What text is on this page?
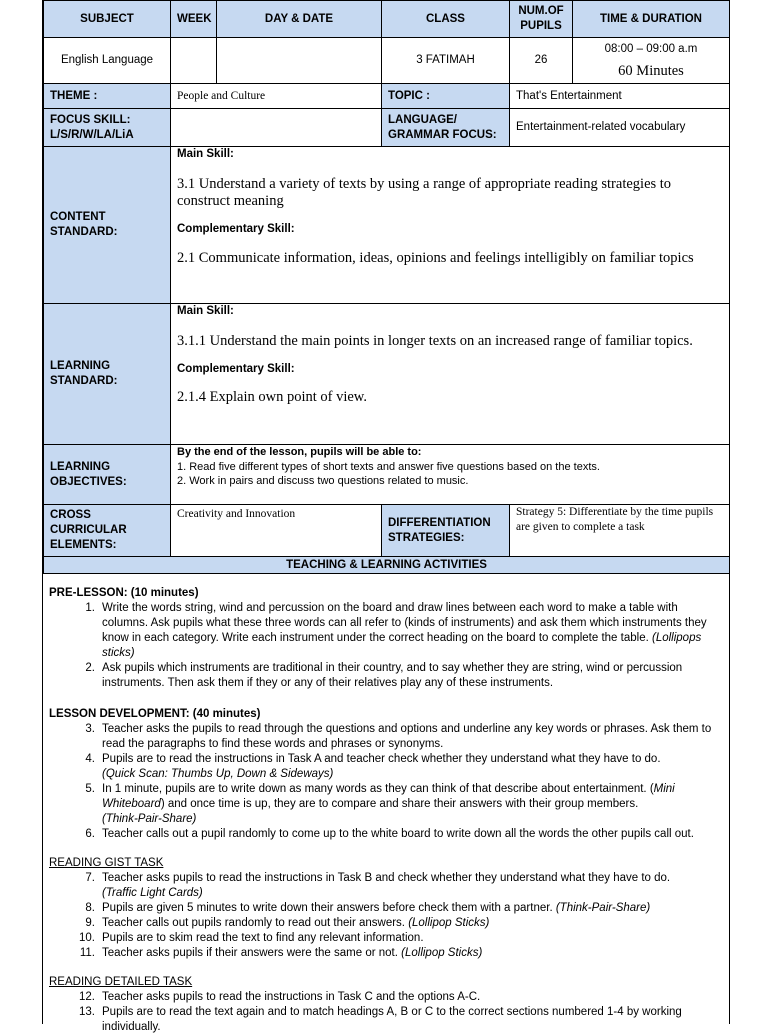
SUBJECT	WEEK	DAY & DATE	CLASS	NUM.OF PUPILS	TIME & DURATION
English Language			3 FATIMAH	26	08:00 – 09:00 a.m
60 Minutes

THEME :	People and Culture		TOPIC :	That's Entertainment	
FOCUS SKILL: L/S/R/W/LA/LiA			LANGUAGE/ GRAMMAR FOCUS:	Entertainment-related vocabulary	
CONTENT STANDARD:	Main Skill:
3.1 Understand a variety of texts by using a range of appropriate reading strategies to construct meaning
Complementary Skill:
2.1 Communicate information, ideas, opinions and feelings intelligibly on familiar topics				

LEARNING STANDARD:	Main Skill:
3.1.1 Understand the main points in longer texts on an increased range of familiar topics.
Complementary Skill:
2.1.4 Explain own point of view.				

LEARNING OBJECTIVES:	By the end of the lesson, pupils will be able to:
1. Read five different types of short texts and answer five questions based on the texts.
2. Work in pairs and discuss two questions related to music.				

CROSS CURRICULAR ELEMENTS:	Creativity and Innovation		DIFFERENTIATION STRATEGIES:	Strategy 5: Differentiate by the time pupils are given to complete a task	
TEACHING & LEARNING ACTIVITIES					
PRE-LESSON: (10 minutes)
1. Write the words string, wind and percussion on the board and draw lines between each word to make a table with columns. Ask pupils what these three words can all refer to (kinds of instruments) and ask them which instruments they know in each category. Write each instrument under the correct heading on the board to complete the table. (Lollipops sticks)
2. Ask pupils which instruments are traditional in their country, and to say whether they are string, wind or percussion instruments. Then ask them if they or any of their relatives play any of these instruments.
LESSON DEVELOPMENT: (40 minutes)
3. Teacher asks the pupils to read through the questions and options and underline any key words or phrases. Ask them to read the paragraphs to find these words and phrases or synonyms.
4. Pupils are to read the instructions in Task A and teacher check whether they understand what they have to do.
(Quick Scan: Thumbs Up, Down & Sideways)
5. In 1 minute, pupils are to write down as many words as they can think of that describe about entertainment. (Mini Whiteboard) and once time is up, they are to compare and share their answers with their group members.
(Think-Pair-Share)
6. Teacher calls out a pupil randomly to come up to the white board to write down all the words the other pupils call out.
READING GIST TASK
7. Teacher asks pupils to read the instructions in Task B and check whether they understand what they have to do.
(Traffic Light Cards)
8. Pupils are given 5 minutes to write down their answers before check them with a partner. (Think-Pair-Share)
9. Teacher calls out pupils randomly to read out their answers. (Lollipop Sticks)
10. Pupils are to skim read the text to find any relevant information.
11. Teacher asks pupils if their answers were the same or not. (Lollipop Sticks)
READING DETAILED TASK
12. Teacher asks pupils to read the instructions in Task C and the options A-C.
13. Pupils are to read the text again and to match headings A, B or C to the correct sections numbered 1-4 by working individually.
